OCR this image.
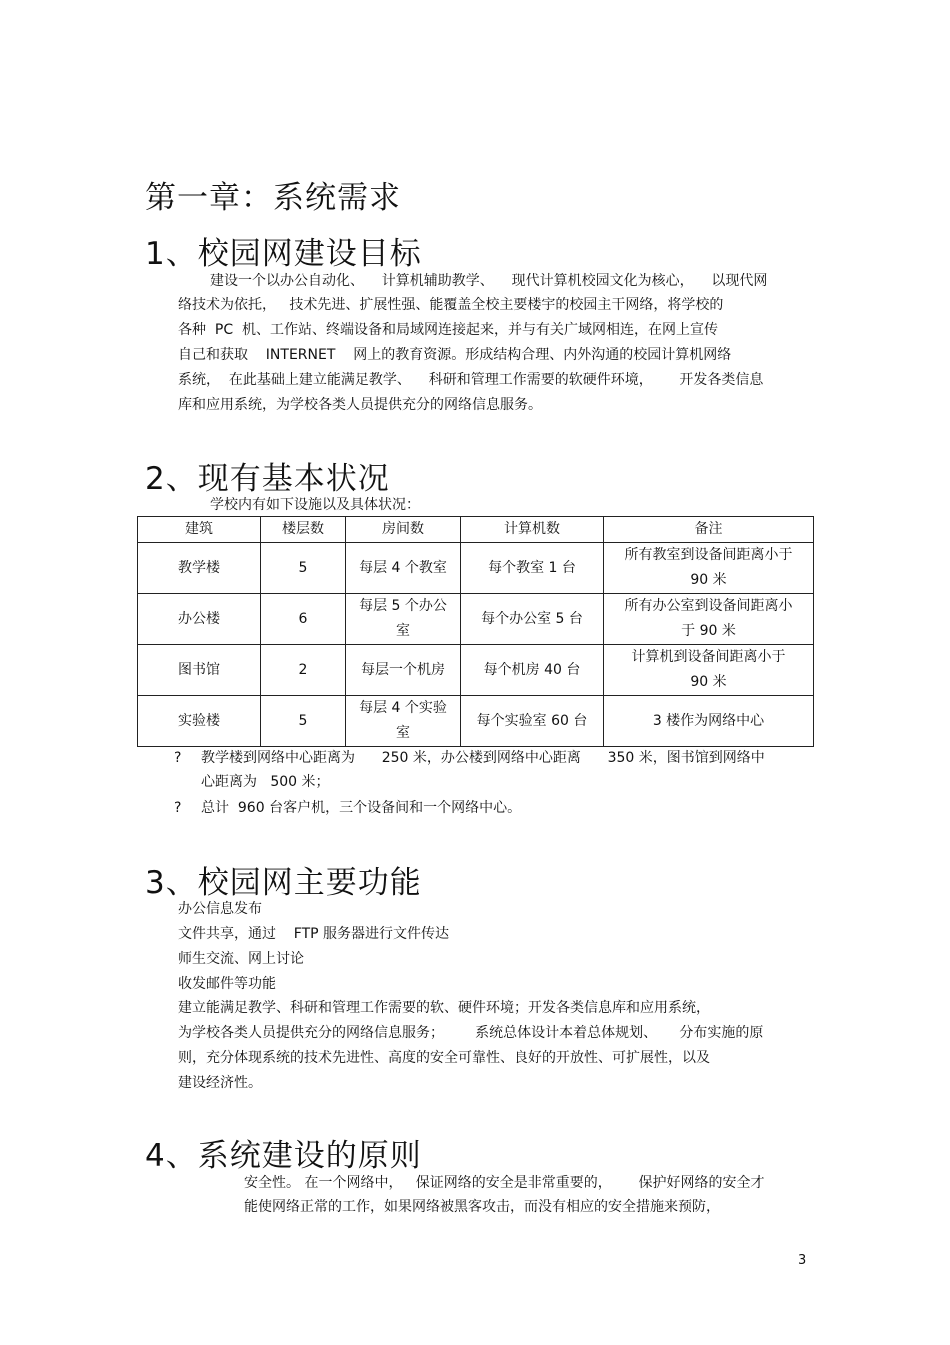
第一章：系统需求
1、校园网建设目标
建设一个以办公自动化、    计算机辅助教学、    现代计算机校园文化为核心，    以现代网
络技术为依托，   技术先进、扩展性强、能覆盖全校主要楼宇的校园主干网络，将学校的
各种  PC  机、工作站、终端设备和局域网连接起来，并与有关广域网相连，在网上宣传
自己和获取    INTERNET    网上的教育资源。形成结构合理、内外沟通的校园计算机网络
系统，  在此基础上建立能满足教学、    科研和管理工作需要的软硬件环境，      开发各类信息
库和应用系统，为学校各类人员提供充分的网络信息服务。
2、现有基本状况
学校内有如下设施以及具体状况：
建筑	楼层数	房间数	计算机数	备注
教学楼	5	每层 4 个教室	每个教室 1 台	所有教室到设备间距离小于 90 米
办公楼	6	每层 5 个办公室	每个办公室 5 台	所有办公室到设备间距离小于 90 米
图书馆	2	每层一个机房	每个机房 40 台	计算机到设备间距离小于 90 米
实验楼	5	每层 4 个实验室	每个实验室 60 台	3 楼作为网络中心
? 教学楼到网络中心距离为      250 米，办公楼到网络中心距离      350 米，图书馆到网络中
心距离为   500 米；
? 总计  960 台客户机，三个设备间和一个网络中心。
3、校园网主要功能
办公信息发布
文件共享，通过    FTP 服务器进行文件传达
师生交流、网上讨论
收发邮件等功能
建立能满足教学、科研和管理工作需要的软、硬件环境；开发各类信息库和应用系统，
为学校各类人员提供充分的网络信息服务；       系统总体设计本着总体规划、     分布实施的原
则，充分体现系统的技术先进性、高度的安全可靠性、良好的开放性、可扩展性，以及
建设经济性。
4、系统建设的原则
安全性。 在一个网络中，   保证网络的安全是非常重要的，      保护好网络的安全才
能使网络正常的工作，如果网络被黑客攻击，而没有相应的安全措施来预防，
3
